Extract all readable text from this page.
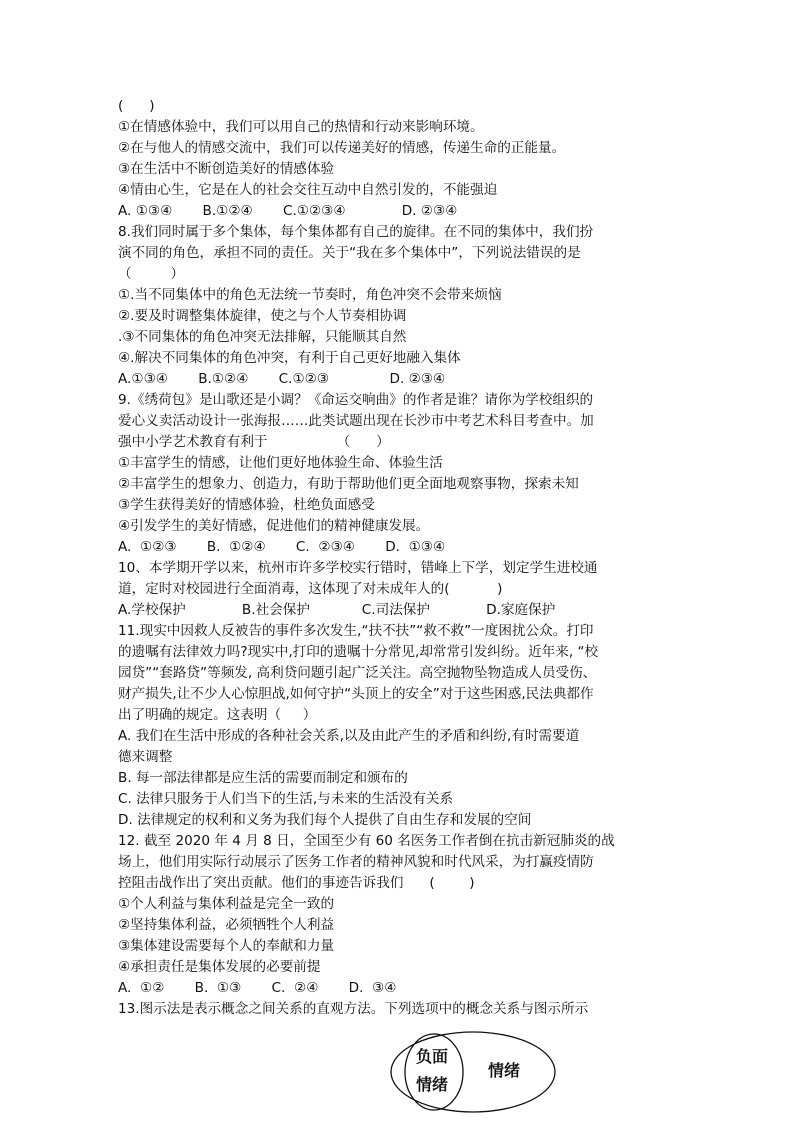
(      )
①在情感体验中，我们可以用自己的热情和行动来影响环境。
②在与他人的情感交流中，我们可以传递美好的情感，传递生命的正能量。
③在生活中不断创造美好的情感体验
④情由心生，它是在人的社会交往互动中自然引发的，不能强迫
A. ①③④       B.①②④       C.①②③④             D. ②③④
8.我们同时属于多个集体，每个集体都有自己的旋律。在不同的集体中，我们扮
演不同的角色，承担不同的责任。关于“我在多个集体中”，下列说法错误的是
（         ）
①.当不同集体中的角色无法统一节奏时，角色冲突不会带来烦恼
②.要及时调整集体旋律，使之与个人节奏相协调
.③不同集体的角色冲突无法排解，只能顺其自然
④.解决不同集体的角色冲突，有利于自己更好地融入集体
A.①③④       B.①②④       C.①②③              D. ②③④
9.《绣荷包》是山歌还是小调？《命运交响曲》的作者是谁？请你为学校组织的
爱心义卖活动设计一张海报……此类试题出现在长沙市中考艺术科目考查中。加
强中小学艺术教育有利于                （      ）
①丰富学生的情感，让他们更好地体验生命、体验生活
②丰富学生的想象力、创造力，有助于帮助他们更全面地观察事物，探索未知
③学生获得美好的情感体验，杜绝负面感受
④引发学生的美好情感，促进他们的精神健康发展。
A.  ①②③       B.  ①②④       C.  ②③④       D.  ①③④
10、本学期开学以来，杭州市许多学校实行错时，错峰上下学，划定学生进校通
道，定时对校园进行全面消毒，这体现了对未成年人的(           )
A.学校保护             B.社会保护            C.司法保护             D.家庭保护
11.现实中因救人反被告的事件多次发生,“扶不扶”“救不救”一度困扰公众。打印
的遗嘱有法律效力吗?现实中,打印的遗嘱十分常见,却常常引发纠纷。近年来, “校
园贷”“套路贷”等频发, 高利贷问题引起广泛关注。高空抛物坠物造成人员受伤、
财产损失,让不少人心惊胆战,如何守护“头顶上的安全”对于这些困惑,民法典都作
出了明确的规定。这表明（     ）
A. 我们在生活中形成的各种社会关系,以及由此产生的矛盾和纠纷,有时需要道
德来调整
B. 每一部法律都是应生活的需要而制定和颁布的
C. 法律只服务于人们当下的生活,与未来的生活没有关系
D. 法律规定的权利和义务为我们每个人提供了自由生存和发展的空间
12. 截至 2020 年 4 月 8 日，全国至少有 60 名医务工作者倒在抗击新冠肺炎的战
场上，他们用实际行动展示了医务工作者的精神风貌和时代风采，为打赢疫情防
控阻击战作出了突出贡献。他们的事迹告诉我们      (        )
①个人利益与集体利益是完全一致的
②坚持集体利益，必须牺牲个人利益
③集体建设需要每个人的奉献和力量
④承担责任是集体发展的必要前提
A.  ①②       B.  ①③       C.  ②④       D.  ③④
13.图示法是表示概念之间关系的直观方法。下列选项中的概念关系与图示所示
负面
情绪
情绪
